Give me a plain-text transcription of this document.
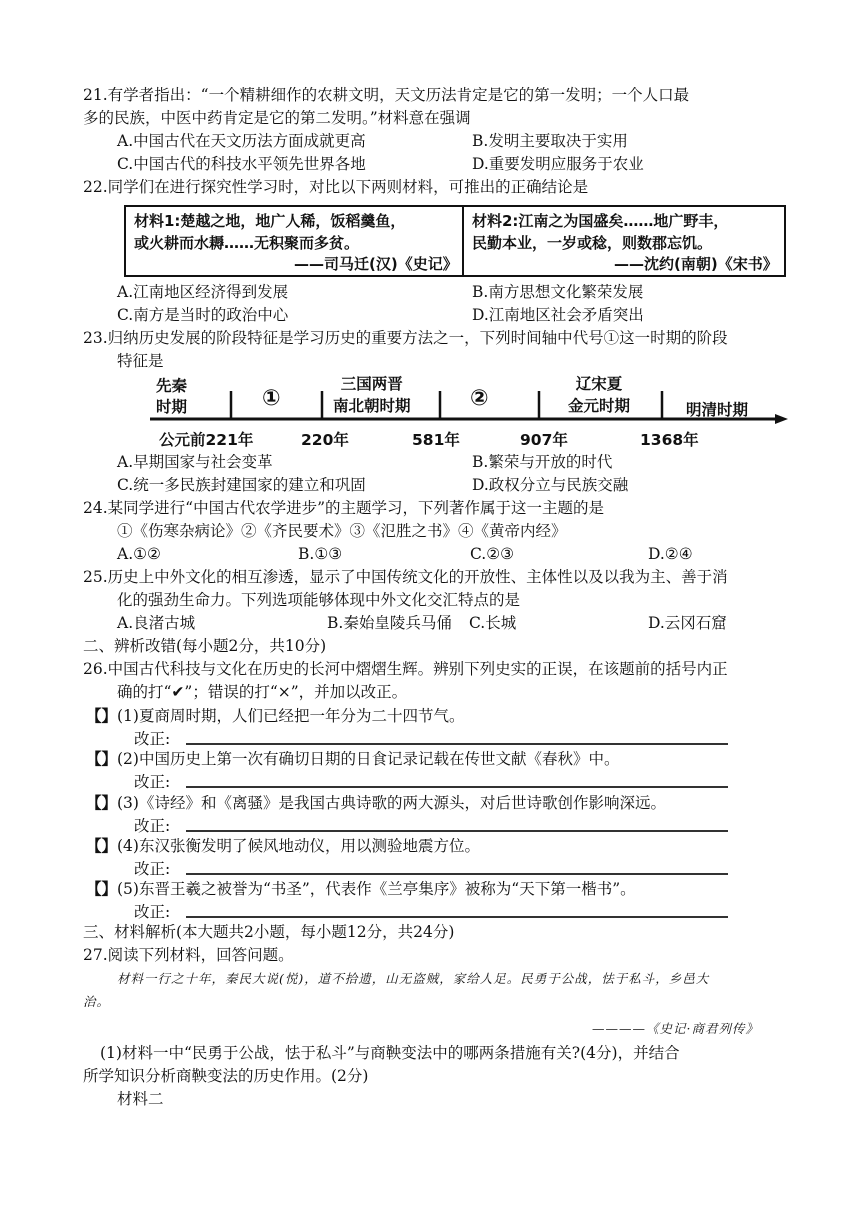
21.有学者指出：“一个精耕细作的农耕文明，天文历法肯定是它的第一发明；一个人口最
多的民族，中医中药肯定是它的第二发明。”材料意在强调
A.中国古代在天文历法方面成就更高	B.发明主要取决于实用
C.中国古代的科技水平领先世界各地	D.重要发明应服务于农业
22.同学们在进行探究性学习时，对比以下两则材料，可推出的正确结论是
材料1:楚越之地，地广人稀，饭稻羹鱼，
或火耕而水耨……无积聚而多贫。
——司马迁(汉)《史记》
材料2:江南之为国盛矣……地广野丰，
民勤本业，一岁或稔，则数郡忘饥。
——沈约(南朝)《宋书》
A.江南地区经济得到发展	B.南方思想文化繁荣发展
C.南方是当时的政治中心	D.江南地区社会矛盾突出
23.归纳历史发展的阶段特征是学习历史的重要方法之一，下列时间轴中代号①这一时期的阶段
特征是
先秦
时期	①
三国两晋
南北朝时期	②
辽宋夏
金元时期	明清时期
公元前221年	220年	581年	907年	1368年
A.早期国家与社会变革	B.繁荣与开放的时代
C.统一多民族封建国家的建立和巩固	D.政权分立与民族交融
24.某同学进行“中国古代农学进步”的主题学习，下列著作属于这一主题的是
①《伤寒杂病论》②《齐民要术》③《氾胜之书》④《黄帝内经》
A.①②	B.①③	C.②③	D.②④
25.历史上中外文化的相互渗透，显示了中国传统文化的开放性、主体性以及以我为主、善于消
化的强劲生命力。下列选项能够体现中外文化交汇特点的是
A.良渚古城	B.秦始皇陵兵马俑 C.长城	D.云冈石窟
二、辨析改错(每小题2分，共10分)
26.中国古代科技与文化在历史的长河中熠熠生辉。辨别下列史实的正误，在该题前的括号内正
确的打“✔”；错误的打“×”，并加以改正。
【】 (1)夏商周时期，人们已经把一年分为二十四节气。
改正:
【】 (2)中国历史上第一次有确切日期的日食记录记载在传世文献《春秋》中。
改正:
【】 (3)《诗经》和《离骚》是我国古典诗歌的两大源头，对后世诗歌创作影响深远。
改正:
【】 (4)东汉张衡发明了候风地动仪，用以测验地震方位。
改正:
【】 (5)东晋王羲之被誉为“书圣”，代表作《兰亭集序》被称为“天下第一楷书”。
改正:
三、材料解析(本大题共2小题，每小题12分，共24分)
27.阅读下列材料，回答问题。
材料一行之十年，秦民大说(悦)，道不拾遗，山无盗贼，家给人足。民勇于公战，怯于私斗，乡邑大
治。
————《史记·商君列传》
(1)材料一中“民勇于公战，怯于私斗”与商鞅变法中的哪两条措施有关?(4分)，并结合
所学知识分析商鞅变法的历史作用。(2分)
材料二
